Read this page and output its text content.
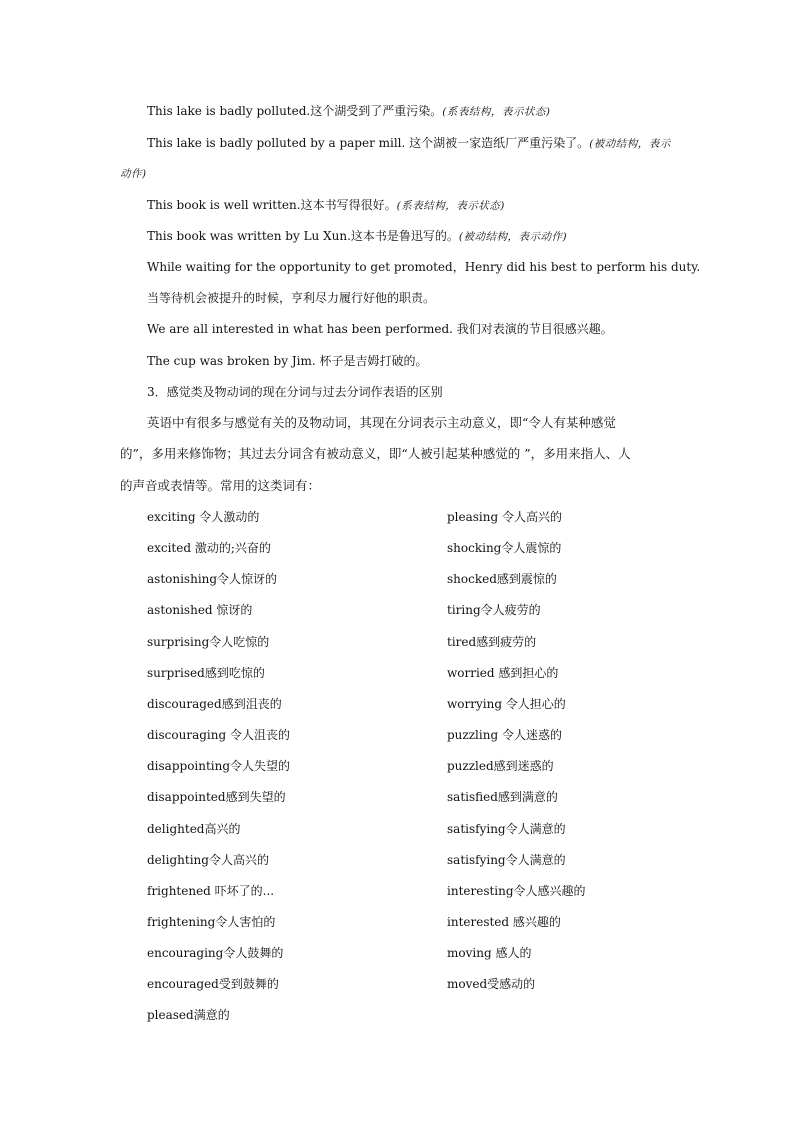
This lake is badly polluted.这个湖受到了严重污染。(系表结构，表示状态)
This lake is badly polluted by a paper mill. 这个湖被一家造纸厂严重污染了。(被动结构，表示
动作)
This book is well written.这本书写得很好。(系表结构，表示状态)
This book was written by Lu Xun.这本书是鲁迅写的。(被动结构，表示动作)
While waiting for the opportunity to get promoted，Henry did his best to perform his duty.
当等待机会被提升的时候，亨利尽力履行好他的职责。
We are all interested in what has been performed. 我们对表演的节目很感兴趣。
The cup was broken by Jim. 杯子是吉姆打破的。
3．感觉类及物动词的现在分词与过去分词作表语的区别
英语中有很多与感觉有关的及物动词，其现在分词表示主动意义，即“令人有某种感觉
的”，多用来修饰物；其过去分词含有被动意义，即“人被引起某种感觉的 ”，多用来指人、人
的声音或表情等。常用的这类词有：
exciting 令人激动的	pleasing 令人高兴的
excited 激动的;兴奋的	shocking令人震惊的
astonishing令人惊讶的	shocked感到震惊的
astonished 惊讶的	tiring令人疲劳的
surprising令人吃惊的	tired感到疲劳的
surprised感到吃惊的	worried 感到担心的
discouraged感到沮丧的	worrying 令人担心的
discouraging 令人沮丧的	puzzling 令人迷惑的
disappointing令人失望的	puzzled感到迷惑的
disappointed感到失望的	satisfied感到满意的
delighted高兴的	satisfying令人满意的
delighting令人高兴的	satisfying令人满意的
frightened 吓坏了的...	interesting令人感兴趣的
frightening令人害怕的	interested 感兴趣的
encouraging令人鼓舞的	moving 感人的
encouraged受到鼓舞的	moved受感动的
pleased满意的
